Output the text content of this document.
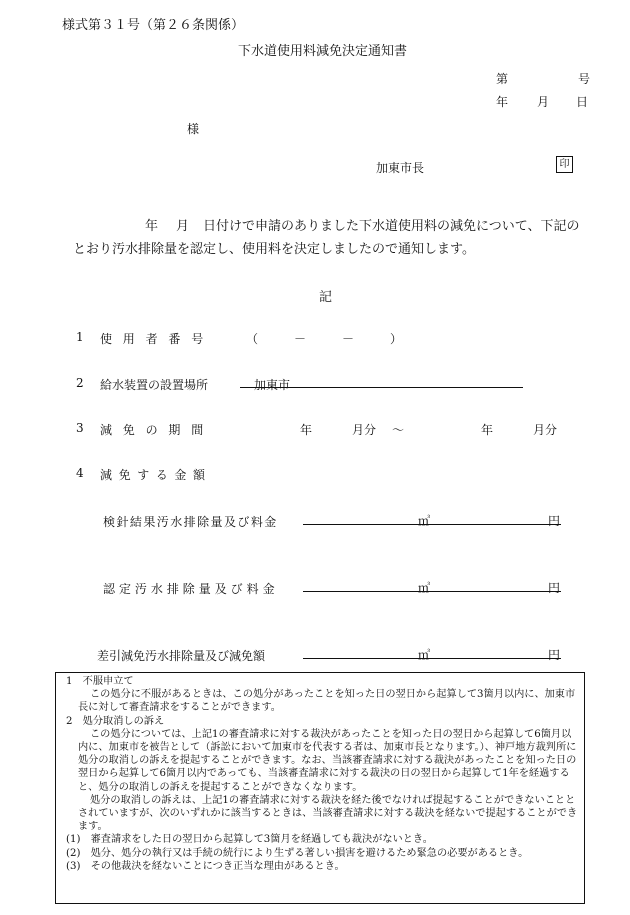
様式第３１号（第２６条関係）
下水道使用料減免決定通知書
第	号
年 月 日
様
加東市長	印
年 月 日付けで申請のありました下水道使用料の減免について、下記の
とおり汚水排除量を認定し、使用料を決定しましたので通知します。
記
1 使用者番号	（　　　－　　　－　　　）
2 給水装置の設置場所	加東市
3 減免の期間	年	月分 ～	年	月分
4 減免する金額
検針結果汚水排除量及び料金	㎥	円
認定汚水排除量及び料金	㎥	円
差引減免汚水排除量及び減免額	㎥	円

1　不服申立て

この処分に不服があるときは、この処分があったことを知った日の翌日から起算して3箇月以内に、加東市長に対して審査請求をすることができます。

2　処分取消しの訴え

この処分については、上記1の審査請求に対する裁決があったことを知った日の翌日から起算して6箇月以内に、加東市を被告として（訴訟において加東市を代表する者は、加東市長となります。）、神戸地方裁判所に処分の取消しの訴えを提起することができます。なお、当該審査請求に対する裁決があったことを知った日の翌日から起算して6箇月以内であっても、当該審査請求に対する裁決の日の翌日から起算して1年を経過すると、処分の取消しの訴えを提起することができなくなります。

処分の取消しの訴えは、上記1の審査請求に対する裁決を経た後でなければ提起することができないこととされていますが、次のいずれかに該当するときは、当該審査請求に対する裁決を経ないで提起することができます。

(1)　審査請求をした日の翌日から起算して3箇月を経過しても裁決がないとき。

(2)　処分、処分の執行又は手続の続行により生ずる著しい損害を避けるため緊急の必要があるとき。

(3)　その他裁決を経ないことにつき正当な理由があるとき。
